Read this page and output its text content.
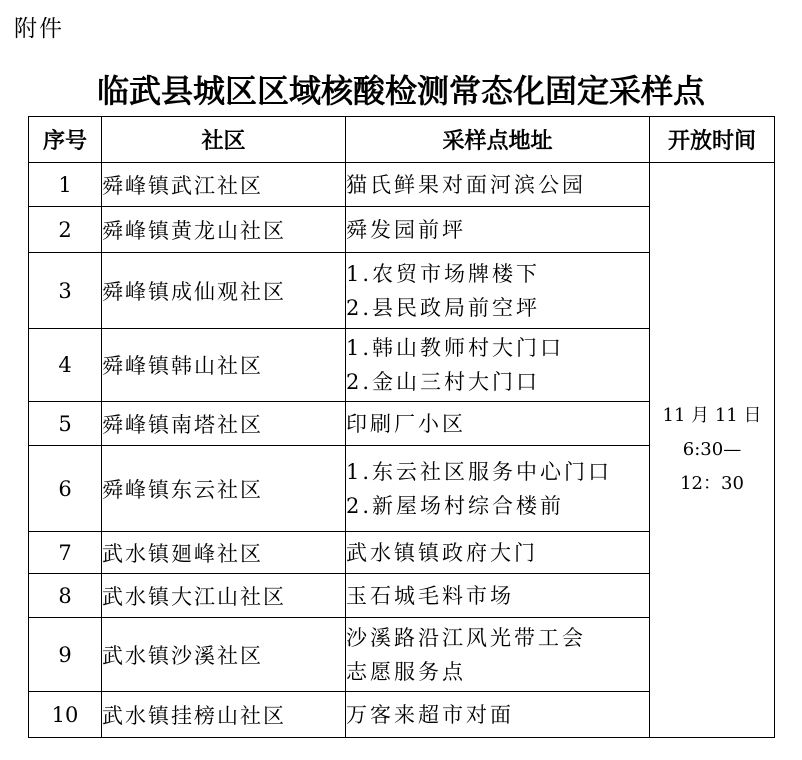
附件
临武县城区区域核酸检测常态化固定采样点
序号	社区	采样点地址	开放时间
1	舜峰镇武江社区	猫氏鲜果对面河滨公园	11 月 11 日
6:30—
12：30

2	舜峰镇黄龙山社区	舜发园前坪	

3	舜峰镇成仙观社区	1.农贸市场牌楼下
2.县民政局前空坪	

4	舜峰镇韩山社区	1.韩山教师村大门口
2.金山三村大门口	

5	舜峰镇南塔社区	印刷厂小区	

6	舜峰镇东云社区	1.东云社区服务中心门口
2.新屋场村综合楼前	

7	武水镇廻峰社区	武水镇镇政府大门	

8	武水镇大江山社区	玉石城毛料市场	

9	武水镇沙溪社区	沙溪路沿江风光带工会
志愿服务点	

10	武水镇挂榜山社区	万客来超市对面	
